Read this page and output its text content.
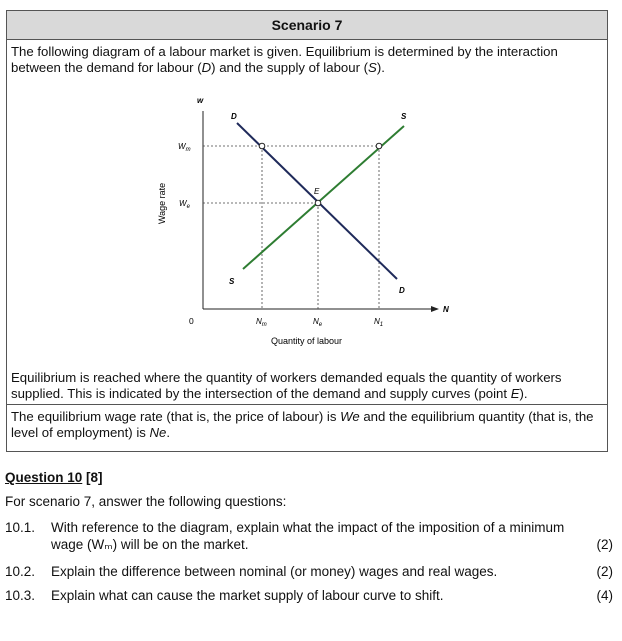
Scenario 7
The following diagram of a labour market is given. Equilibrium is determined by the interaction between the demand for labour (D) and the supply of labour (S).
w
Wage rate
N
Quantity of labour
0
$W_m$
$W_e$
$N_m$	$N_e$	$N_1$
E
D
D
S
S
Equilibrium is reached where the quantity of workers demanded equals the quantity of workers supplied. This is indicated by the intersection of the demand and supply curves (point E).
The equilibrium wage rate (that is, the price of labour) is We and the equilibrium quantity (that is, the level of employment) is Ne.
Question 10 [8]
For scenario 7, answer the following questions:
10.1. With reference to the diagram, explain what the impact of the imposition of a minimum wage (Wₘ) will be on the market.	(2)
10.2. Explain the difference between nominal (or money) wages and real wages.	(2)
10.3. Explain what can cause the market supply of labour curve to shift.	(4)
